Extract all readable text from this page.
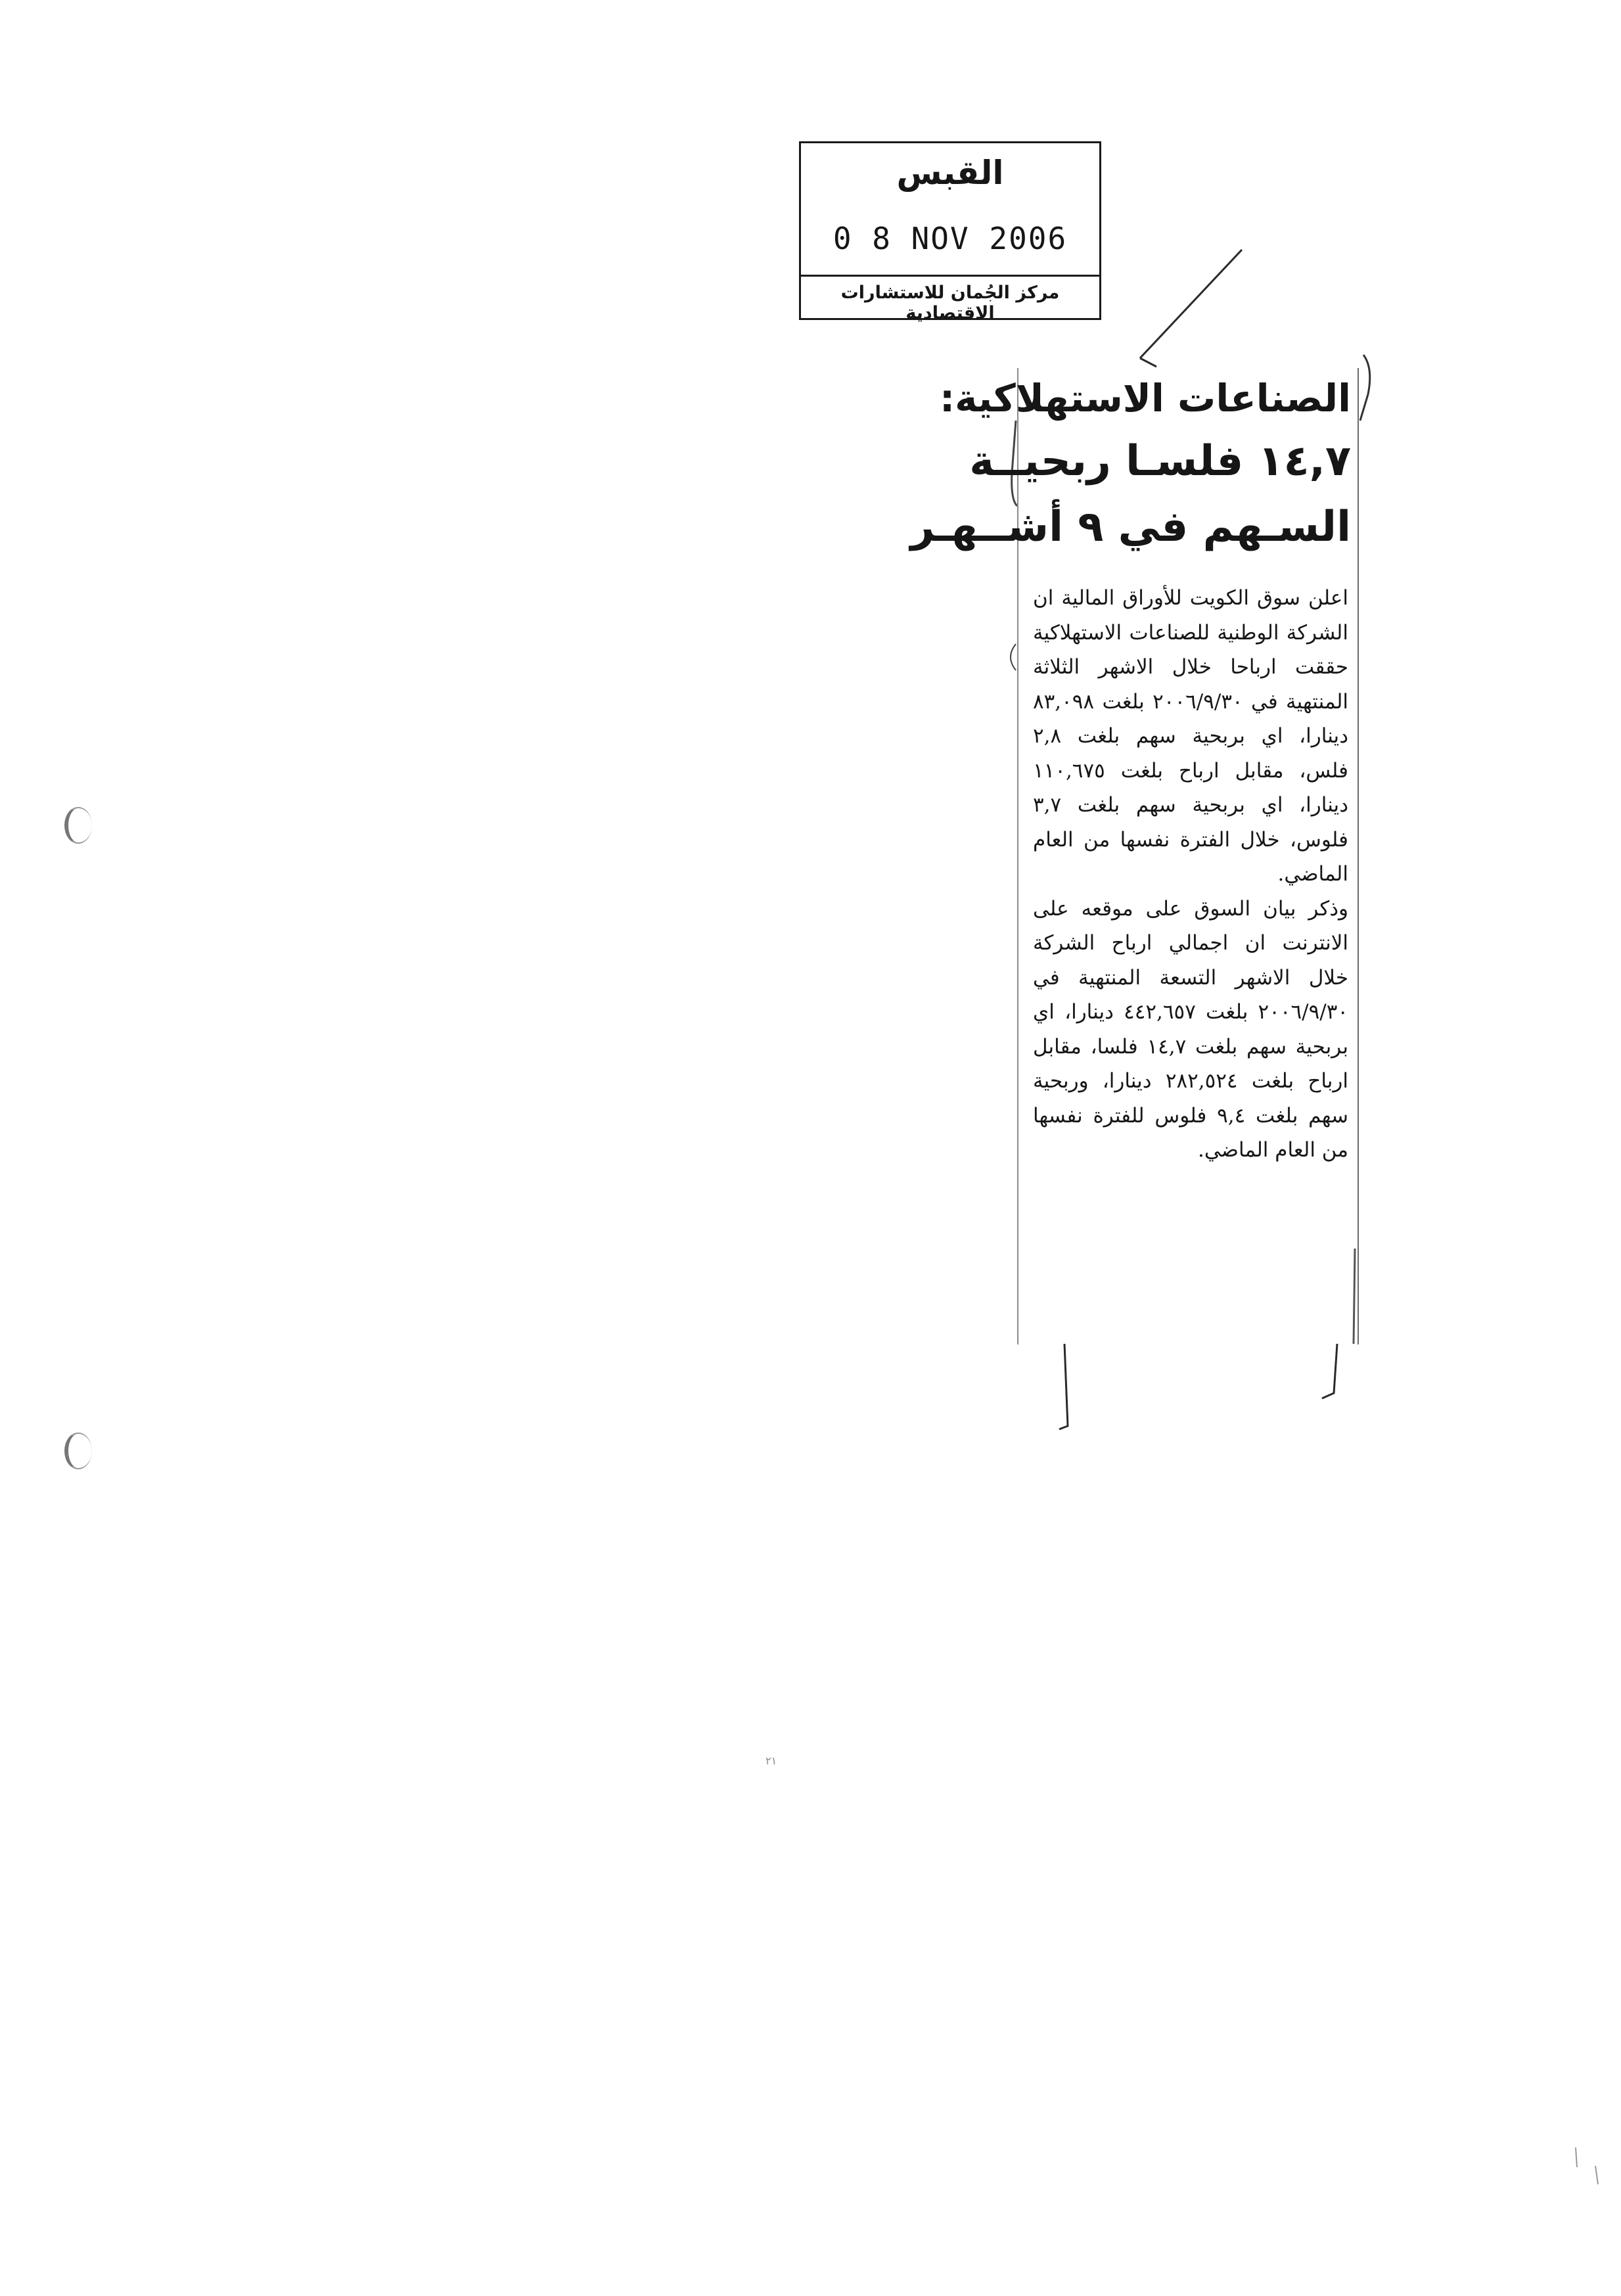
القبس
0 8 NOV 2006
مركز الجُمان للاستشارات الاقتصادية
الصناعات الاستهلاكية:
١٤,٧ فلسـا ربحيــة
السـهم في ٩ أشــهـر
اعلن سوق الكويت للأوراق المالية ان الشركة الوطنية للصناعات الاستهلاكية حققت ارباحا خلال الاشهر الثلاثة المنتهية في ٢٠٠٦/٩/٣٠ بلغت ٨٣,٠٩٨ دينارا، اي بربحية سهم بلغت ٢,٨ فلس، مقابل ارباح بلغت ١١٠,٦٧٥ دينارا، اي بربحية سهم بلغت ٣,٧ فلوس، خلال الفترة نفسها من العام الماضي.
وذكر بيان السوق على موقعه على الانترنت ان اجمالي ارباح الشركة خلال الاشهر التسعة المنتهية في ٢٠٠٦/٩/٣٠ بلغت ٤٤٢,٦٥٧ دينارا، اي بربحية سهم بلغت ١٤,٧ فلسا، مقابل ارباح بلغت ٢٨٢,٥٢٤ دينارا، وربحية سهم بلغت ٩,٤ فلوس للفترة نفسها من العام الماضي.
٢١
